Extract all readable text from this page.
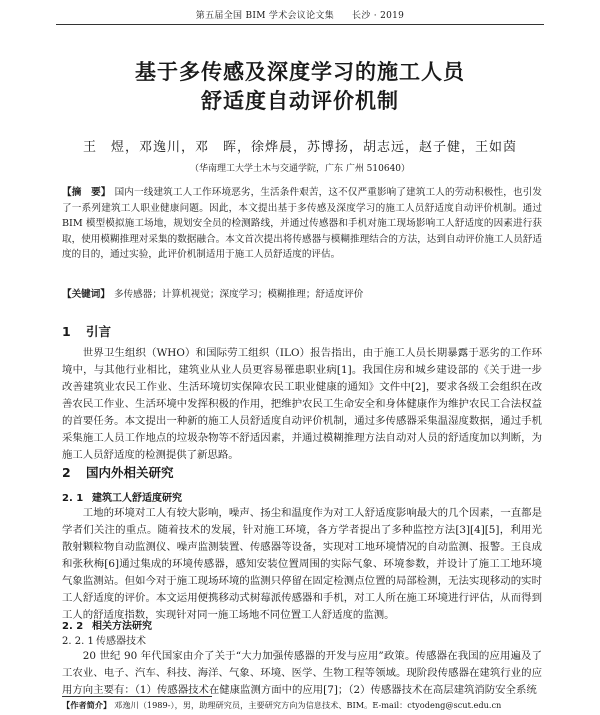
第五届全国 BIM 学术会议论文集 长沙 · 2019
基于多传感及深度学习的施工人员
舒适度自动评价机制
王　煜，邓逸川，邓　晖，徐烨晨，苏博扬，胡志远，赵子健，王如茵
（华南理工大学土木与交通学院，广东 广州 510640）
【摘　要】 国内一线建筑工人工作环境恶劣，生活条件艰苦，这不仅严重影响了建筑工人的劳动积极性，也引发了一系列建筑工人职业健康问题。因此，本文提出基于多传感及深度学习的施工人员舒适度自动评价机制。通过 BIM 模型模拟施工场地，规划安全员的检测路线，并通过传感器和手机对施工现场影响工人舒适度的因素进行获取，使用模糊推理对采集的数据融合。本文首次提出将传感器与模糊推理结合的方法，达到自动评价施工人员舒适度的目的，通过实验，此评价机制适用于施工人员舒适度的评估。
【关键词】 多传感器；计算机视觉；深度学习；模糊推理；舒适度评价
1 引言
世界卫生组织（WHO）和国际劳工组织（ILO）报告指出，由于施工人员长期暴露于恶劣的工作环境中，与其他行业相比，建筑业从业人员更容易罹患职业病[1]。我国住房和城乡建设部的《关于进一步改善建筑业农民工作业、生活环境切实保障农民工职业健康的通知》文件中[2]，要求各级工会组织在改善农民工作业、生活环境中发挥积极的作用，把维护农民工生命安全和身体健康作为维护农民工合法权益的首要任务。本文提出一种新的施工人员舒适度自动评价机制，通过多传感器采集温湿度数据，通过手机采集施工人员工作地点的垃圾杂物等不舒适因素，并通过模糊推理方法自动对人员的舒适度加以判断，为施工人员舒适度的检测提供了新思路。
2 国内外相关研究
2. 1 建筑工人舒适度研究
工地的环境对工人有较大影响，噪声、扬尘和温度作为对工人舒适度影响最大的几个因素，一直都是学者们关注的重点。随着技术的发展，针对施工环境，各方学者提出了多种监控方法[3][4][5]，利用光散射颗粒物自动监测仪、噪声监测装置、传感器等设备，实现对工地环境情况的自动监测、报警。王良成和张秋梅[6]通过集成的环境传感器，感知安装位置周围的实际气象、环境参数，并设计了施工工地环境气象监测站。但如今对于施工现场环境的监测只停留在固定检测点位置的局部检测，无法实现移动的实时工人舒适度的评价。本文运用便携移动式树莓派传感器和手机，对工人所在施工环境进行评估，从而得到工人的舒适度指数，实现针对同一施工场地不同位置工人舒适度的监测。
2. 2 相关方法研究
2. 2. 1 传感器技术
20 世纪 90 年代国家由介了关于“大力加强传感器的开发与应用”政策。传感器在我国的应用遍及了工农业、电子、汽车、科技、海洋、气象、环境、医学、生物工程等领域。现阶段传感器在建筑行业的应用方向主要有：（1）传感器技术在健康监测方面中的应用[7]；（2）传感器技术在高层建筑消防安全系统
【作者简介】 邓逸川（1989-），男，助理研究员，主要研究方向为信息技术、BIM。E-mail：ctyodeng@scut.edu.cn
